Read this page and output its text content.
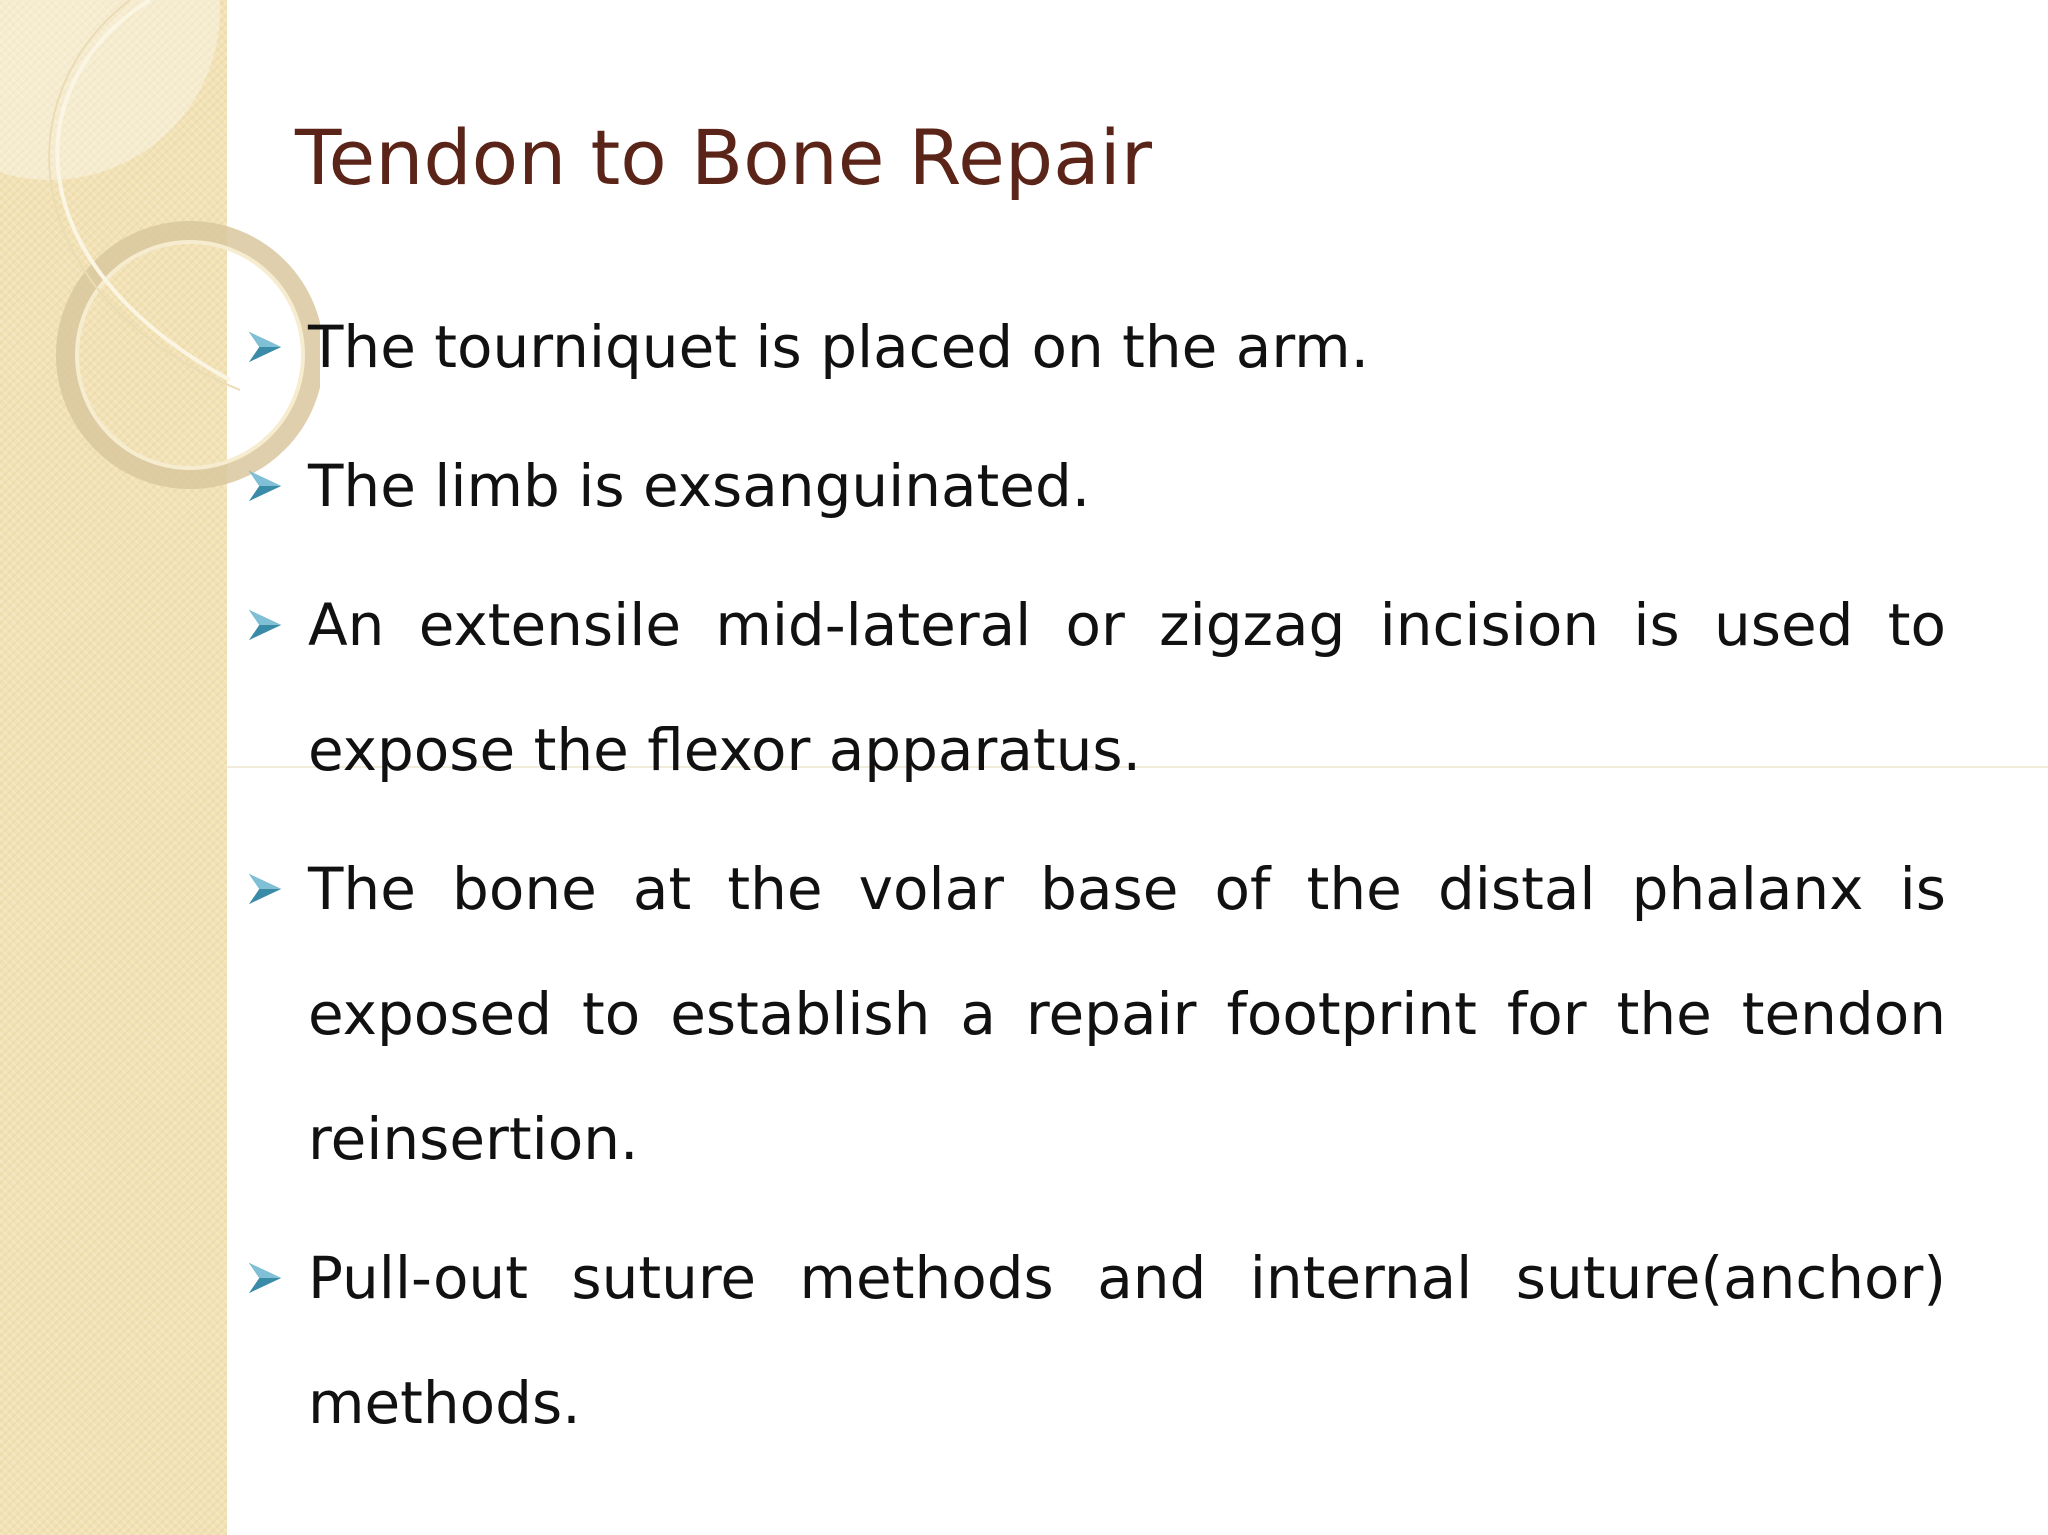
Tendon to Bone Repair
The tourniquet is placed on the arm.
The limb is exsanguinated.
An extensile mid-lateral or zigzag incision is used to expose the flexor apparatus.
The bone at the volar base of the distal phalanx is exposed to establish a repair footprint for the tendon reinsertion.
Pull-out suture methods and internal suture(anchor) methods.
